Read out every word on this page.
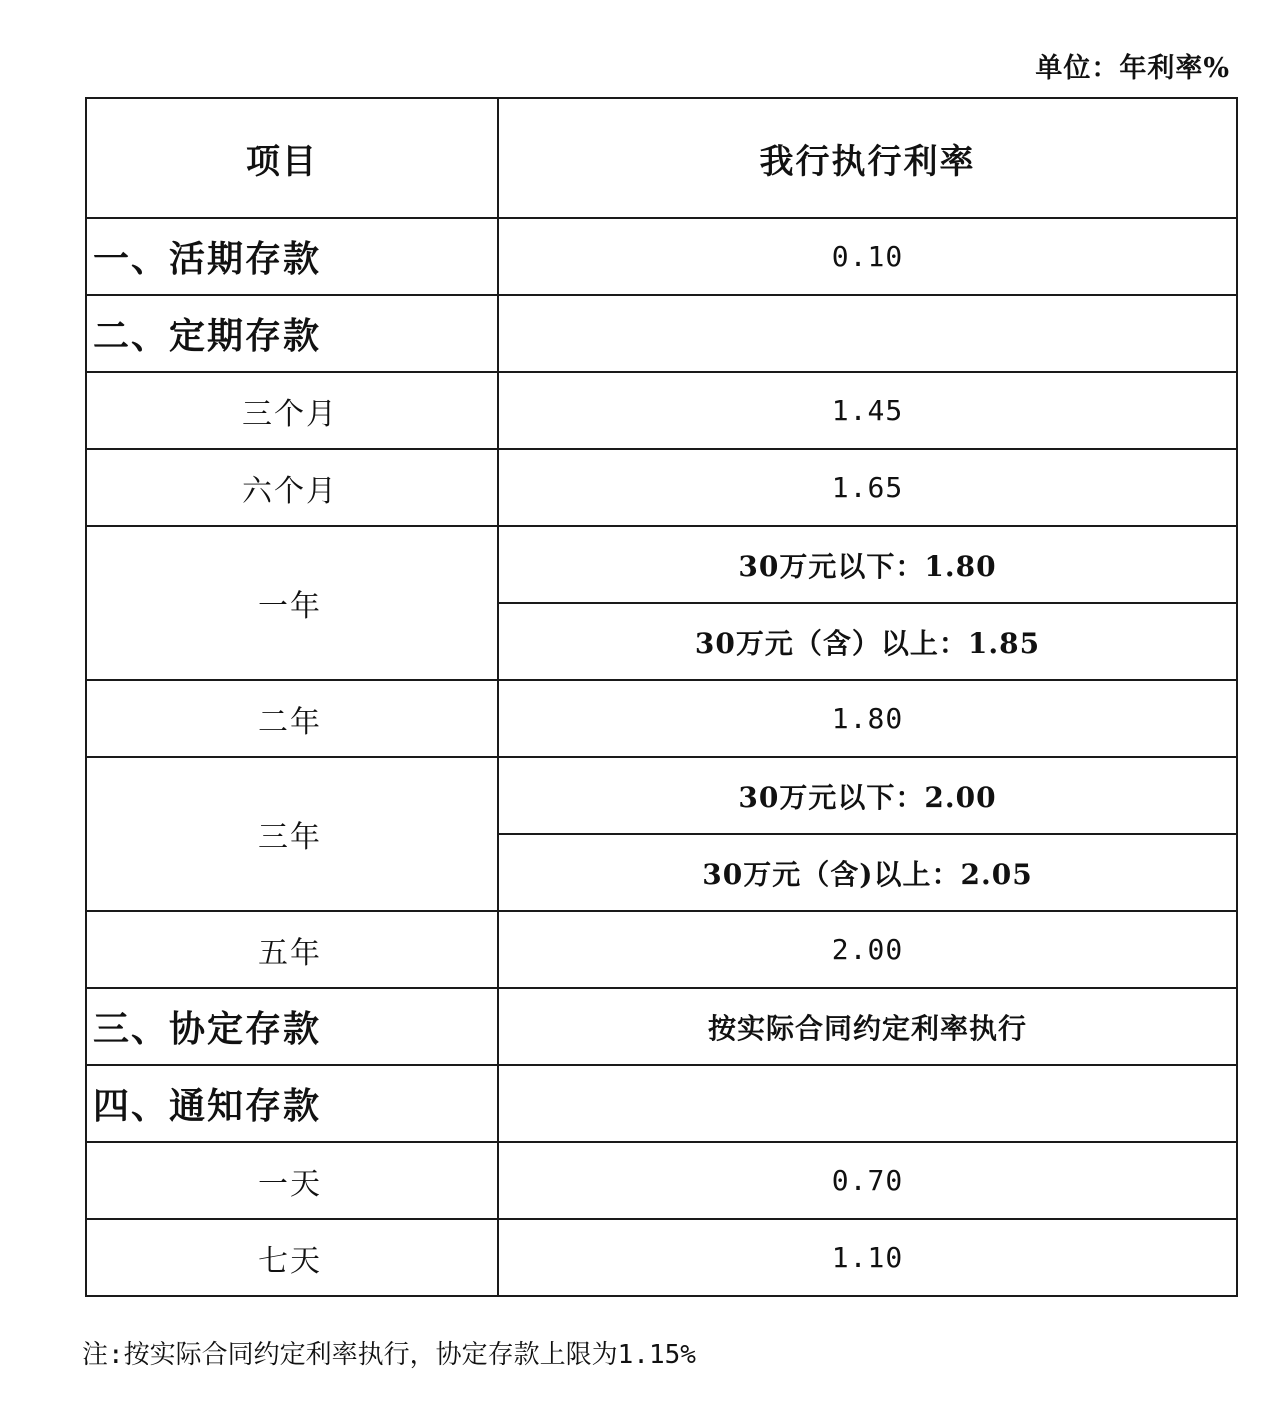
单位：年利率%
项目	我行执行利率
一、活期存款	0.10
二、定期存款	
三个月	1.45
六个月	1.65
一年	30万元以下：1.80
	30万元（含）以上：1.85
二年	1.80
三年	30万元以下：2.00
	30万元（含)以上：2.05
五年	2.00
三、协定存款	按实际合同约定利率执行
四、通知存款	
一天	0.70
七天	1.10
注:按实际合同约定利率执行，协定存款上限为1.15%
